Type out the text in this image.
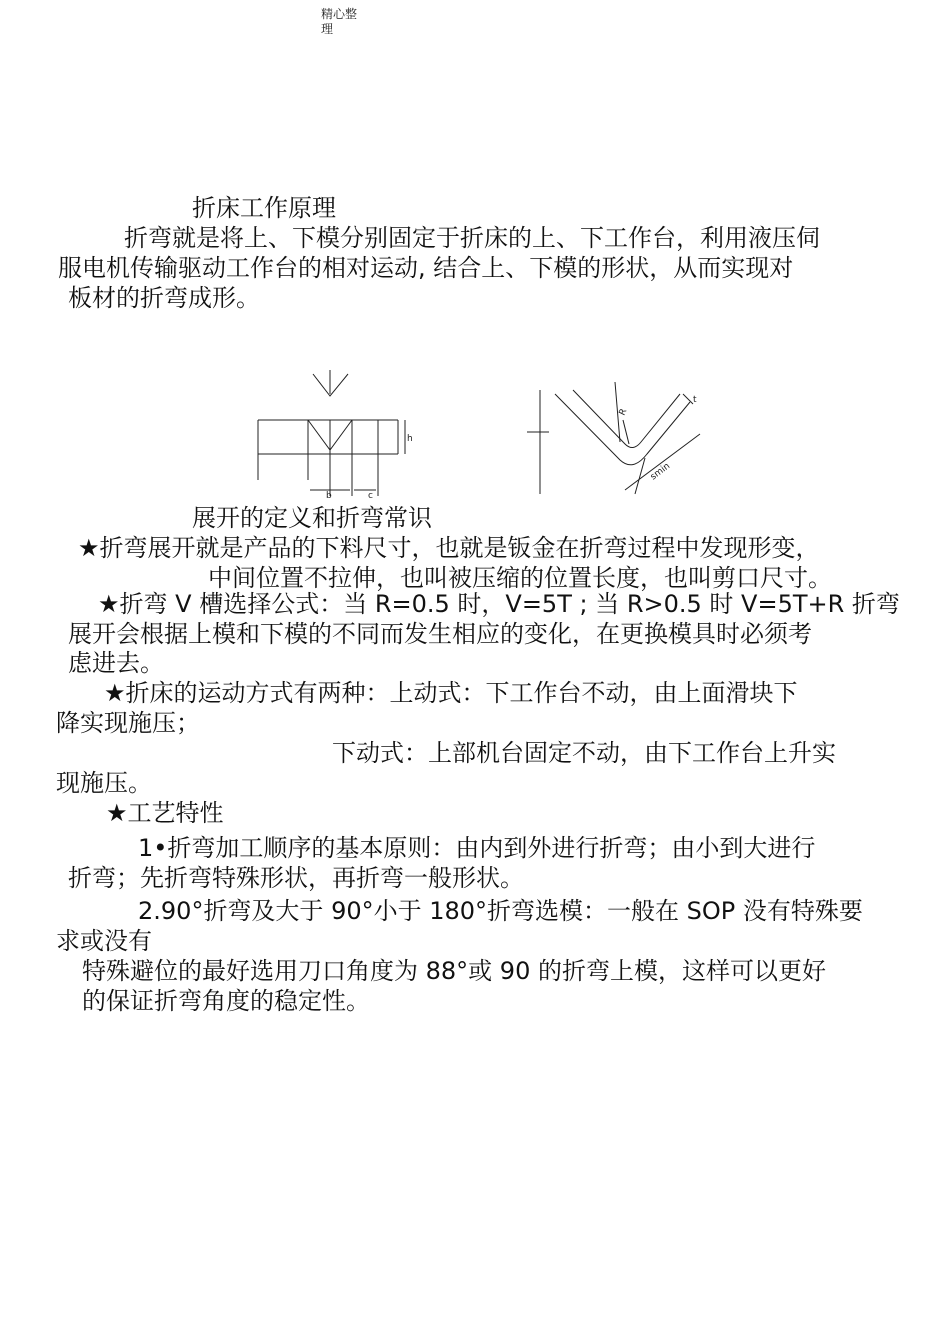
精心整
理
折床工作原理
折弯就是将上、下模分别固定于折床的上、下工作台，利用液压伺
服电机传输驱动工作台的相对运动, 结合上、下模的形状，从而实现对
板材的折弯成形。
h
b	c
R
t
smin
展开的定义和折弯常识
★折弯展开就是产品的下料尺寸，也就是钣金在折弯过程中发现形变，
中间位置不拉伸，也叫被压缩的位置长度，也叫剪口尺寸。
★折弯 V 槽选择公式：当 R=0.5 时，V=5T ; 当 R>0.5 时 V=5T+R 折弯
展开会根据上模和下模的不同而发生相应的变化，在更换模具时必须考
虑进去。
★折床的运动方式有两种：上动式：下工作台不动，由上面滑块下
降实现施压；
下动式：上部机台固定不动，由下工作台上升实
现施压。
★工艺特性
1•折弯加工顺序的基本原则：由内到外进行折弯；由小到大进行
折弯；先折弯特殊形状，再折弯一般形状。
2.90°折弯及大于 90°小于 180°折弯选模：一般在 SOP 没有特殊要
求或没有
特殊避位的最好选用刀口角度为 88°或 90 的折弯上模，这样可以更好
的保证折弯角度的稳定性。
